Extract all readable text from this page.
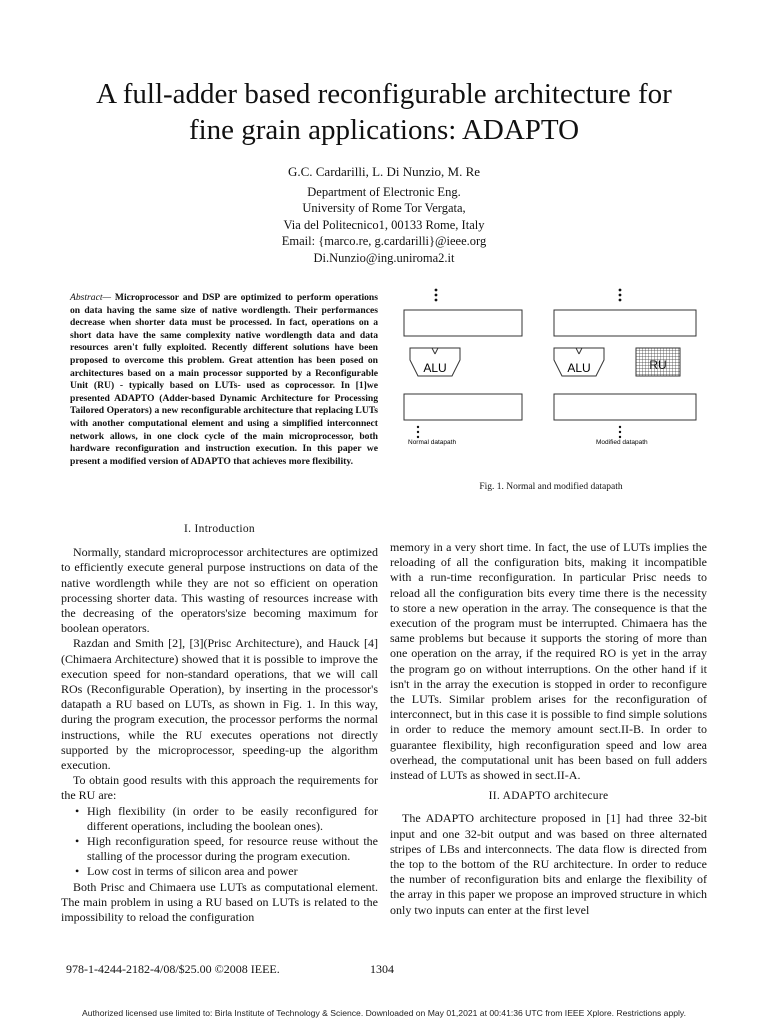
A full-adder based reconfigurable architecture for
fine grain applications: ADAPTO
G.C. Cardarilli, L. Di Nunzio, M. Re
Department of Electronic Eng.
University of Rome Tor Vergata,
Via del Politecnico1, 00133 Rome, Italy
Email: {marco.re, g.cardarilli}@ieee.org
Di.Nunzio@ing.uniroma2.it
Abstract— Microprocessor and DSP are optimized to perform operations on data having the same size of native wordlength. Their performances decrease when shorter data must be processed. In fact, operations on a short data have the same complexity native wordlength data and data resources aren't fully exploited. Recently different solutions have been proposed to overcome this problem. Great attention has been posed on architectures based on a main processor supported by a Reconfigurable Unit (RU) - typically based on LUTs- used as coprocessor. In [1]we presented ADAPTO (Adder-based Dynamic Architecture for Processing Tailored Operators) a new reconfigurable architecture that replacing LUTs with another computational element and using a simplified interconnect network allows, in one clock cycle of the main microprocessor, both hardware reconfiguration and instruction execution. In this paper we present a modified version of ADAPTO that achieves more flexibility.
ALU
Normal datapath
ALU	RU
Modified datapath
Fig. 1. Normal and modified datapath
I. Introduction

Normally, standard microprocessor architectures are optimized to efficiently execute general purpose instructions on data of the native wordlength while they are not so efficient on operation processing shorter data. This wasting of resources increase with the decreasing of the operators'size becoming maximum for boolean operators.

Razdan and Smith [2], [3](Prisc Architecture), and Hauck [4] (Chimaera Architecture) showed that it is possible to improve the execution speed for non-standard operations, that we will call ROs (Reconfigurable Operation), by inserting in the processor's datapath a RU based on LUTs, as shown in Fig. 1. In this way, during the program execution, the processor performs the normal instructions, while the RU executes operations not directly supported by the microprocessor, speeding-up the algorithm execution.

To obtain good results with this approach the requirements for the RU are:

• High flexibility (in order to be easily reconfigured for different operations, including the boolean ones).
• High reconfiguration speed, for resource reuse without the stalling of the processor during the program execution.
• Low cost in terms of silicon area and power

Both Prisc and Chimaera use LUTs as computational element. The main problem in using a RU based on LUTs is related to the impossibility to reload the configuration

memory in a very short time. In fact, the use of LUTs implies the reloading of all the configuration bits, making it incompatible with a run-time reconfiguration. In particular Prisc needs to reload all the configuration bits every time there is the necessity to store a new operation in the array. The consequence is that the execution of the program must be interrupted. Chimaera has the same problems but because it supports the storing of more than one operation on the array, if the required RO is yet in the array the program go on without interruptions. On the other hand if it isn't in the array the execution is stopped in order to reconfigure the LUTs. Similar problem arises for the reconfiguration of interconnect, but in this case it is possible to find simple solutions in order to reduce the memory amount sect.II-B. In order to guarantee flexibility, high reconfiguration speed and low area overhead, the computational unit has been based on full adders instead of LUTs as showed in sect.II-A.

II. ADAPTO architecure

The ADAPTO architecture proposed in [1] had three 32-bit input and one 32-bit output and was based on three alternated stripes of LBs and interconnects. The data flow is directed from the top to the bottom of the RU architecture. In order to reduce the number of reconfiguration bits and enlarge the flexibility of the array in this paper we propose an improved structure in which only two inputs can enter at the first level

978-1-4244-2182-4/08/$25.00 ©2008 IEEE.	1304
Authorized licensed use limited to: Birla Institute of Technology & Science. Downloaded on May 01,2021 at 00:41:36 UTC from IEEE Xplore. Restrictions apply.
